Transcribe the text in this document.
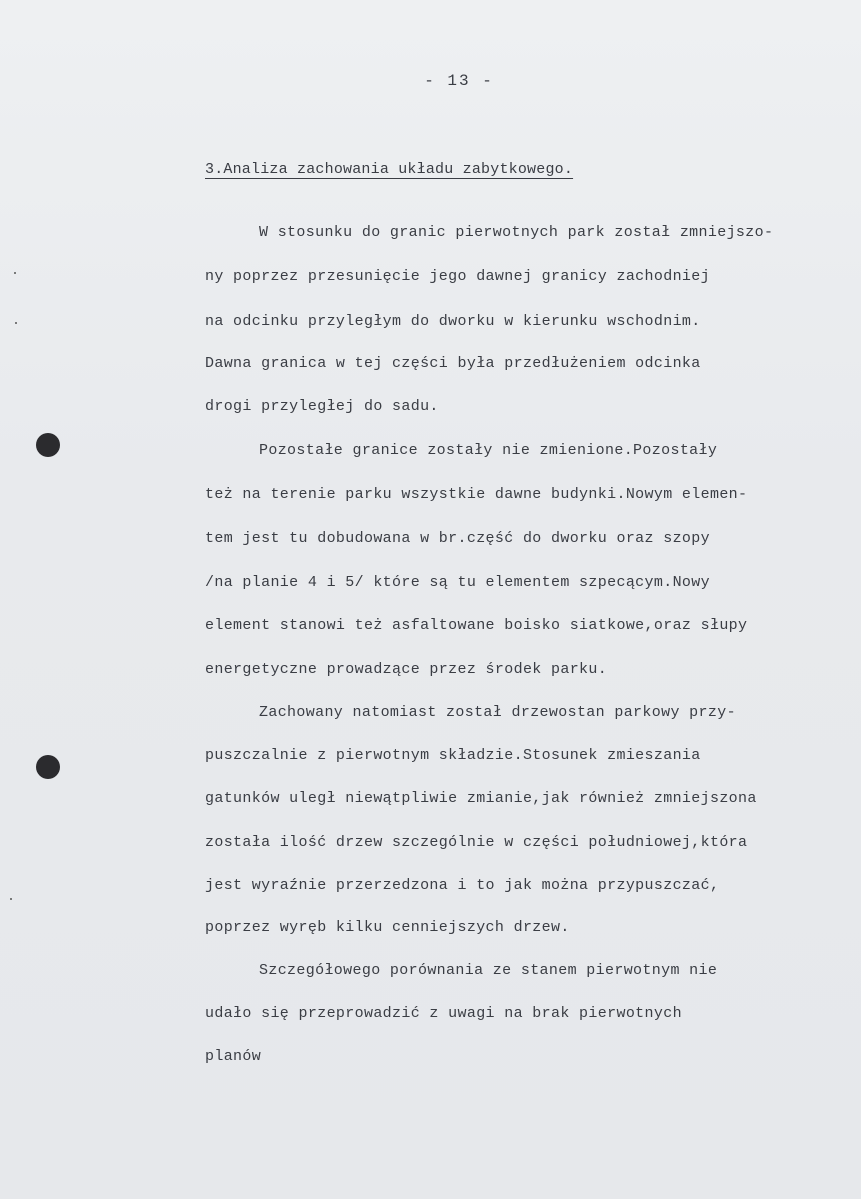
- 13 -
3.Analiza zachowania układu zabytkowego.
W stosunku do granic pierwotnych park został zmniejszo-
ny poprzez przesunięcie jego dawnej granicy zachodniej
na odcinku przyległym do dworku w kierunku wschodnim.
Dawna granica w tej części była przedłużeniem odcinka
drogi przyległej do sadu.
Pozostałe granice zostały nie zmienione.Pozostały
też na terenie parku wszystkie dawne budynki.Nowym elemen-
tem jest tu dobudowana w br.część do dworku oraz szopy
/na planie 4 i 5/ które są tu elementem szpecącym.Nowy
element stanowi też asfaltowane boisko siatkowe,oraz słupy
energetyczne prowadzące przez środek parku.
Zachowany natomiast został drzewostan parkowy przy-
puszczalnie z pierwotnym składzie.Stosunek zmieszania
gatunków uległ niewątpliwie zmianie,jak również zmniejszona
została ilość drzew szczególnie w części południowej,która
jest wyraźnie przerzedzona i to jak można przypuszczać,
poprzez wyręb kilku cenniejszych drzew.
Szczegółowego porównania ze stanem pierwotnym nie
udało się przeprowadzić z uwagi na brak pierwotnych
planów
